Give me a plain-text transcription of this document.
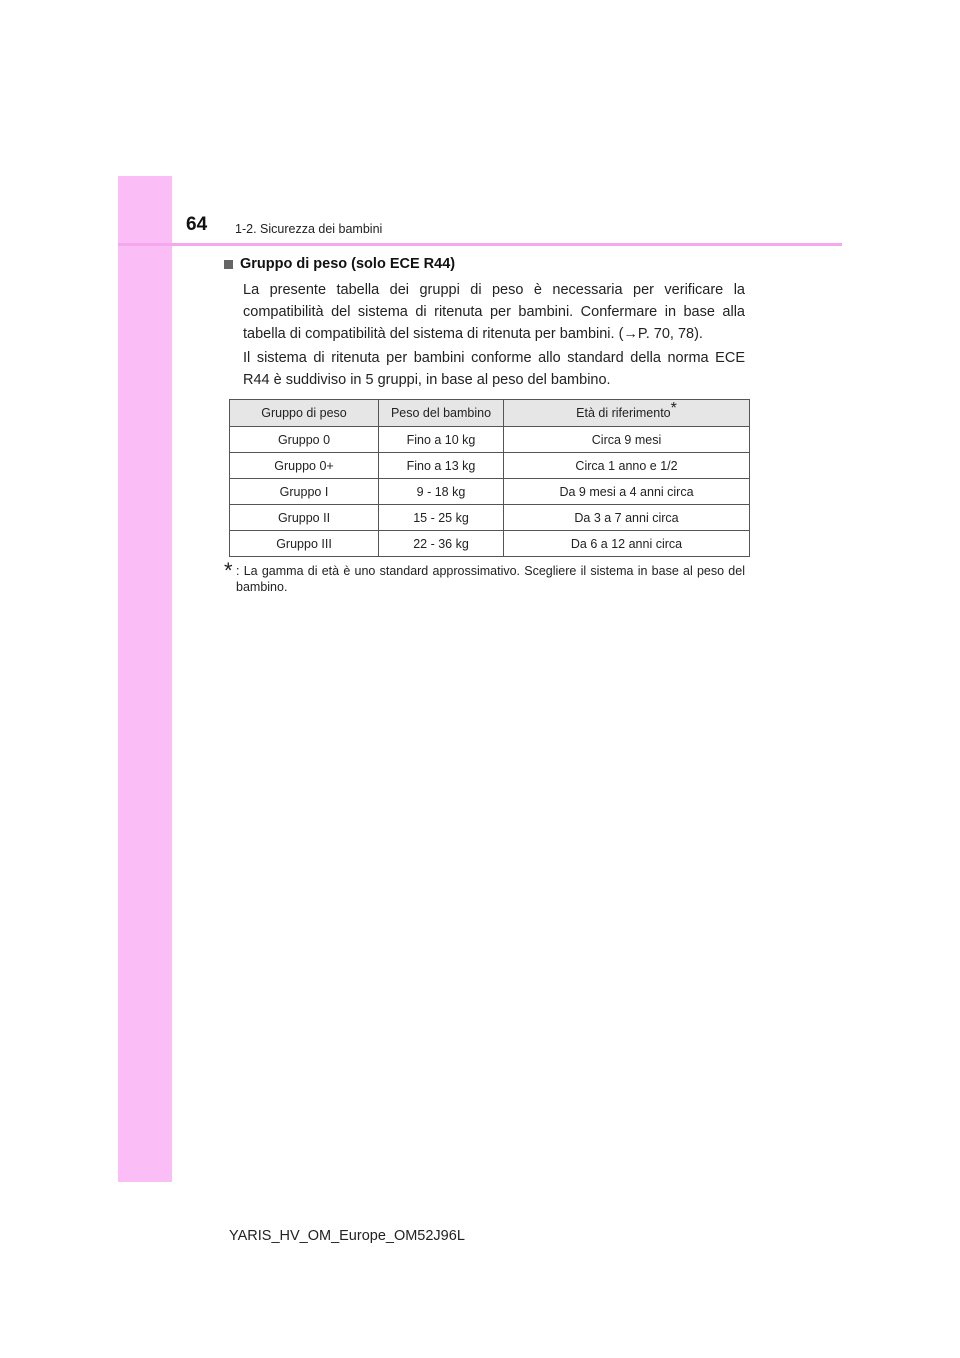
64 1-2. Sicurezza dei bambini
Gruppo di peso (solo ECE R44)
La presente tabella dei gruppi di peso è necessaria per verificare la compatibilità del sistema di ritenuta per bambini. Confermare in base alla tabella di compatibilità del sistema di ritenuta per bambini. (→P. 70, 78).
Il sistema di ritenuta per bambini conforme allo standard della norma ECE R44 è suddiviso in 5 gruppi, in base al peso del bambino.
Gruppo di peso	Peso del bambino	Età di riferimento*
Gruppo 0	Fino a 10 kg	Circa 9 mesi
Gruppo 0+	Fino a 13 kg	Circa 1 anno e 1/2
Gruppo I	9 - 18 kg	Da 9 mesi a 4 anni circa
Gruppo II	15 - 25 kg	Da 3 a 7 anni circa
Gruppo III	22 - 36 kg	Da 6 a 12 anni circa
* : La gamma di età è uno standard approssimativo. Scegliere il sistema in base al peso del bambino.
YARIS_HV_OM_Europe_OM52J96L
